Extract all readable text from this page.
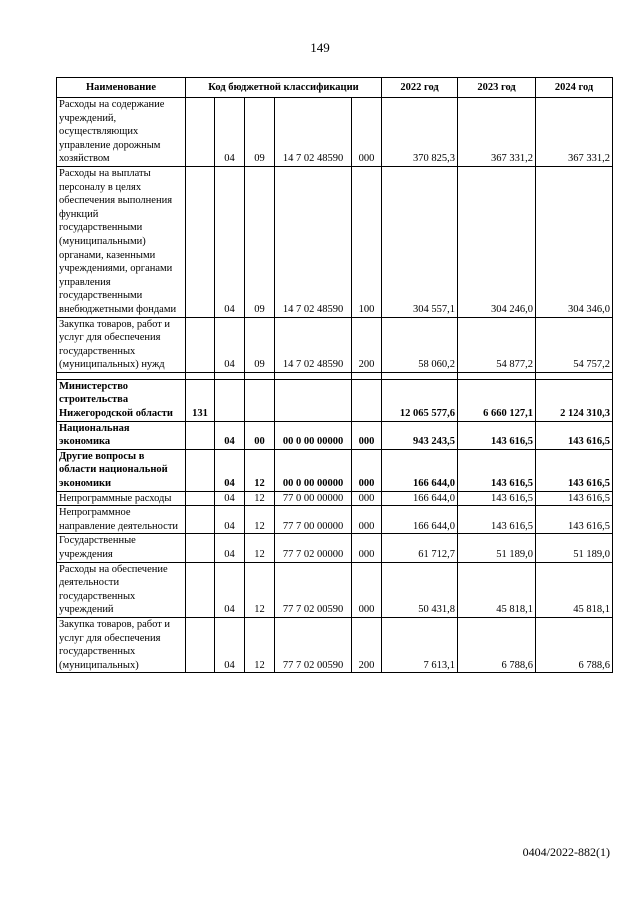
149
Наименование	Код бюджетной классификации					2022 год	2023 год	2024 год
Расходы на содержание учреждений, осуществляющих управление дорожным хозяйством		04	09	14 7 02 48590	000	370 825,3	367 331,2	367 331,2
Расходы на выплаты персоналу в целях обеспечения выполнения функций государственными (муниципальными) органами, казенными учреждениями, органами управления государственными внебюджетными фондами		04	09	14 7 02 48590	100	304 557,1	304 246,0	304 346,0
Закупка товаров, работ и услуг для обеспечения государственных (муниципальных) нужд		04	09	14 7 02 48590	200	58 060,2	54 877,2	54 757,2

Министерство строительства Нижегородской области	131					12 065 577,6	6 660 127,1	2 124 310,3
Национальная экономика		04	00	00 0 00 00000	000	943 243,5	143 616,5	143 616,5
Другие вопросы в области национальной экономики		04	12	00 0 00 00000	000	166 644,0	143 616,5	143 616,5
Непрограммные расходы		04	12	77 0 00 00000	000	166 644,0	143 616,5	143 616,5
Непрограммное направление деятельности		04	12	77 7 00 00000	000	166 644,0	143 616,5	143 616,5
Государственные учреждения		04	12	77 7 02 00000	000	61 712,7	51 189,0	51 189,0
Расходы на обеспечение деятельности государственных учреждений		04	12	77 7 02 00590	000	50 431,8	45 818,1	45 818,1
Закупка товаров, работ и услуг для обеспечения государственных (муниципальных)		04	12	77 7 02 00590	200	7 613,1	6 788,6	6 788,6
0404/2022-882(1)
